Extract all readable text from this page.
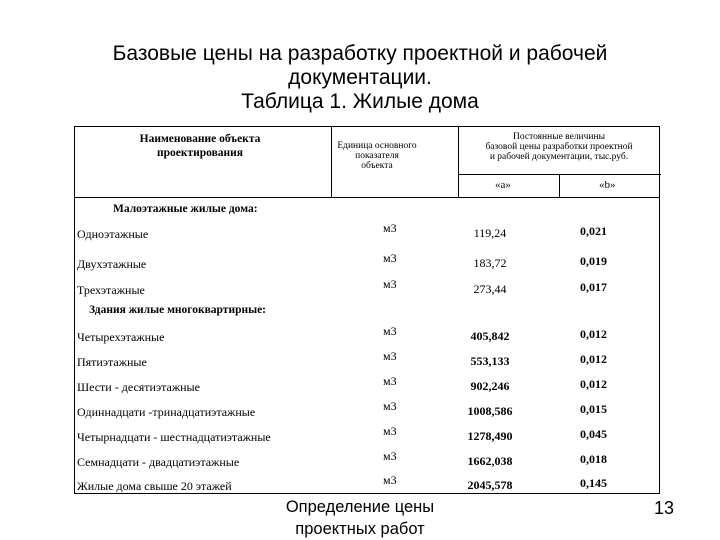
Базовые цены на разработку проектной и рабочей
документации.
Таблица 1. Жилые дома
Наименование объекта
проектирования
Единица основного
показателя
объекта
Постоянные величины
базовой цены разработки проектной
и рабочей документации, тыс.руб.
«а»	«b»
Малоэтажные жилые дома:
Одноэтажные	м3	119,24	0,021
Двухэтажные	м3	183,72	0,019
Трехэтажные	м3	273,44	0,017
Здания жилые многоквартирные:
Четырехэтажные	м3	405,842	0,012
Пятиэтажные	м3	553,133	0,012
Шести - десятиэтажные	м3	902,246	0,012
Одиннадцати -тринадцатиэтажные	м3	1008,586	0,015
Четырнадцати - шестнадцатиэтажные	м3	1278,490	0,045
Семнадцати - двадцатиэтажные	м3	1662,038	0,018
Жилые дома свыше 20 этажей	м3	2045,578	0,145
Определение цены
проектных работ
13
